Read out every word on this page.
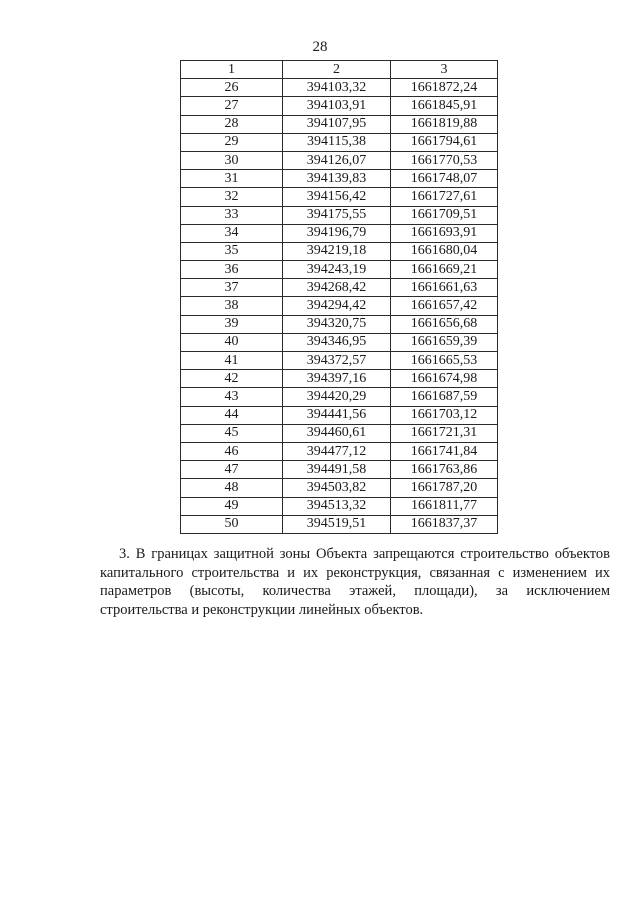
28
1	2	3
26	394103,32	1661872,24
27	394103,91	1661845,91
28	394107,95	1661819,88
29	394115,38	1661794,61
30	394126,07	1661770,53
31	394139,83	1661748,07
32	394156,42	1661727,61
33	394175,55	1661709,51
34	394196,79	1661693,91
35	394219,18	1661680,04
36	394243,19	1661669,21
37	394268,42	1661661,63
38	394294,42	1661657,42
39	394320,75	1661656,68
40	394346,95	1661659,39
41	394372,57	1661665,53
42	394397,16	1661674,98
43	394420,29	1661687,59
44	394441,56	1661703,12
45	394460,61	1661721,31
46	394477,12	1661741,84
47	394491,58	1661763,86
48	394503,82	1661787,20
49	394513,32	1661811,77
50	394519,51	1661837,37

3. В границах защитной зоны Объекта запрещаются строительство объектов капитального строительства и их реконструкция, связанная с изменением их параметров (высоты, количества этажей, площади), за исключением строительства и реконструкции линейных объектов.
